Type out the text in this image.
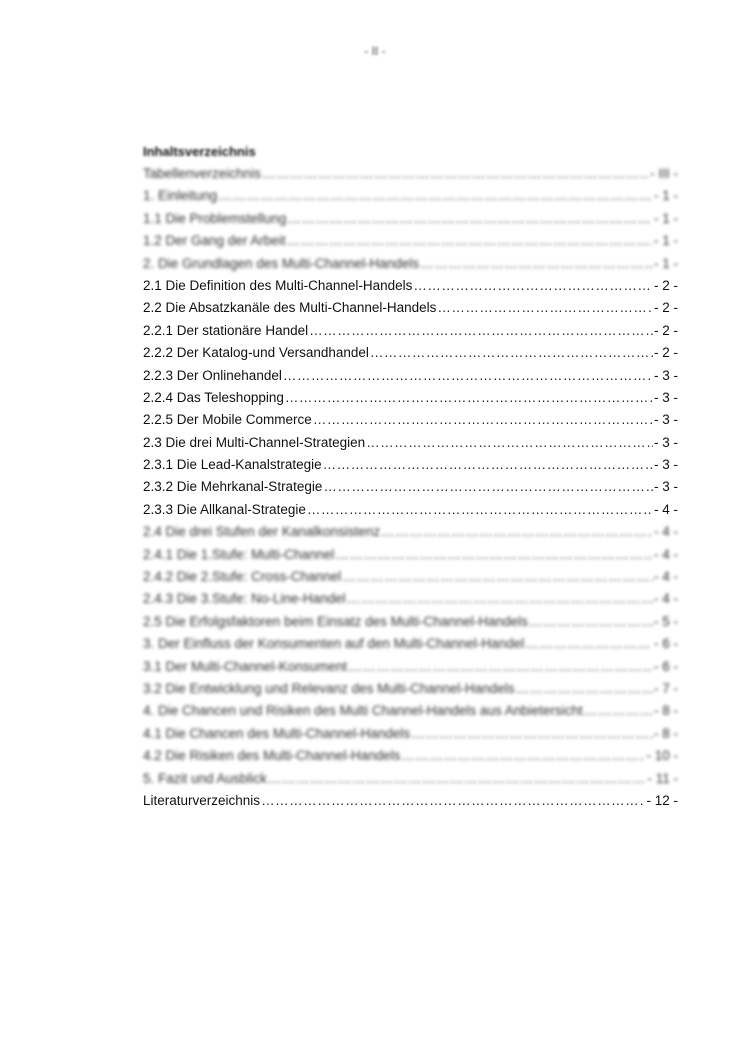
- II -
Inhaltsverzeichnis
Tabellenverzeichnis ………………………………………………………………………………………………………………………………	- III -
1. Einleitung ………………………………………………………………………………………………………………………………	- 1 -
1.1 Die Problemstellung ………………………………………………………………………………………………………………………………	- 1 -
1.2 Der Gang der Arbeit ………………………………………………………………………………………………………………………………	- 1 -
2. Die Grundlagen des Multi-Channel-Handels ………………………………………………………………………………………………………………………………	- 1 -
2.1 Die Definition des Multi-Channel-Handels ………………………………………………………………………………………………………………………………	- 2 -
2.2 Die Absatzkanäle des Multi-Channel-Handels ………………………………………………………………………………………………………………………………	- 2 -
2.2.1 Der stationäre Handel ………………………………………………………………………………………………………………………………	- 2 -
2.2.2 Der Katalog-und Versandhandel ………………………………………………………………………………………………………………………………	- 2 -
2.2.3 Der Onlinehandel ………………………………………………………………………………………………………………………………	- 3 -
2.2.4 Das Teleshopping ………………………………………………………………………………………………………………………………	- 3 -
2.2.5 Der Mobile Commerce ………………………………………………………………………………………………………………………………	- 3 -
2.3 Die drei Multi-Channel-Strategien ………………………………………………………………………………………………………………………………	- 3 -
2.3.1 Die Lead-Kanalstrategie ………………………………………………………………………………………………………………………………	- 3 -
2.3.2 Die Mehrkanal-Strategie ………………………………………………………………………………………………………………………………	- 3 -
2.3.3 Die Allkanal-Strategie ………………………………………………………………………………………………………………………………	- 4 -
2.4 Die drei Stufen der Kanalkonsistenz ………………………………………………………………………………………………………………………………	- 4 -
2.4.1 Die 1.Stufe: Multi-Channel ………………………………………………………………………………………………………………………………	- 4 -
2.4.2 Die 2.Stufe: Cross-Channel ………………………………………………………………………………………………………………………………	- 4 -
2.4.3 Die 3.Stufe: No-Line-Handel ………………………………………………………………………………………………………………………………	- 4 -
2.5 Die Erfolgsfaktoren beim Einsatz des Multi-Channel-Handels ………………………………………………………………………………………………………………………………	- 5 -
3. Der Einfluss der Konsumenten auf den Multi-Channel-Handel ………………………………………………………………………………………………………………………………	- 6 -
3.1 Der Multi-Channel-Konsument ………………………………………………………………………………………………………………………………	- 6 -
3.2 Die Entwicklung und Relevanz des Multi-Channel-Handels ………………………………………………………………………………………………………………………………	- 7 -
4. Die Chancen und Risiken des Multi Channel-Handels aus Anbietersicht ………………………………………………………………………………………………………………………………	- 8 -
4.1 Die Chancen des Multi-Channel-Handels ………………………………………………………………………………………………………………………………	- 8 -
4.2 Die Risiken des Multi-Channel-Handels ………………………………………………………………………………………………………………………………	- 10 -
5. Fazit und Ausblick ………………………………………………………………………………………………………………………………	- 11 -
Literaturverzeichnis ………………………………………………………………………………………………………………………………	- 12 -
